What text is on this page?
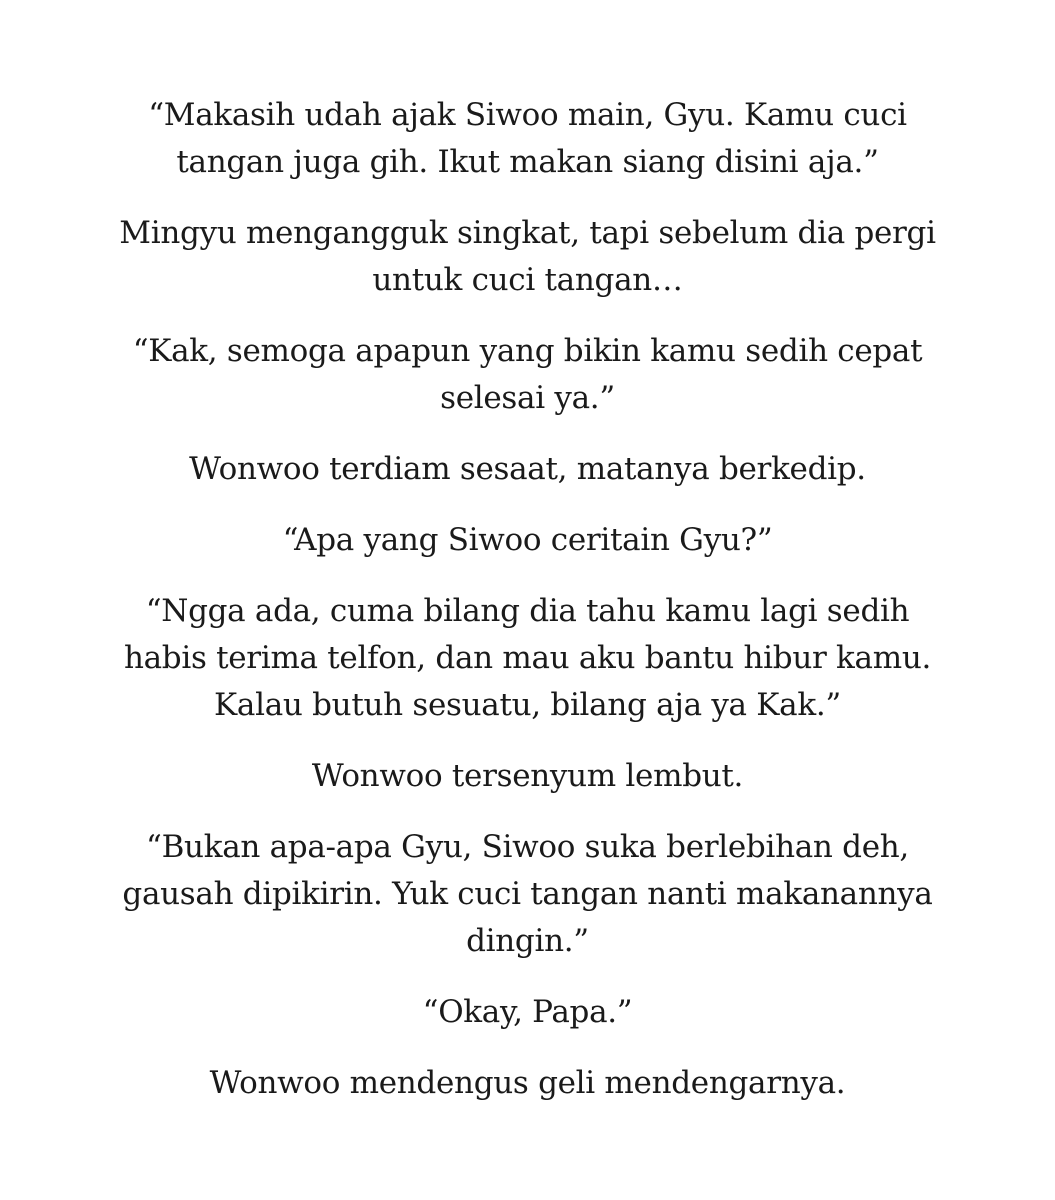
“Makasih udah ajak Siwoo main, Gyu. Kamu cuci
tangan juga gih. Ikut makan siang disini aja.”

Mingyu mengangguk singkat, tapi sebelum dia pergi
untuk cuci tangan…

“Kak, semoga apapun yang bikin kamu sedih cepat
selesai ya.”

Wonwoo terdiam sesaat, matanya berkedip.

“Apa yang Siwoo ceritain Gyu?”

“Ngga ada, cuma bilang dia tahu kamu lagi sedih
habis terima telfon, dan mau aku bantu hibur kamu.
Kalau butuh sesuatu, bilang aja ya Kak.”

Wonwoo tersenyum lembut.

“Bukan apa-apa Gyu, Siwoo suka berlebihan deh,
gausah dipikirin. Yuk cuci tangan nanti makanannya
dingin.”

“Okay, Papa.”

Wonwoo mendengus geli mendengarnya.
